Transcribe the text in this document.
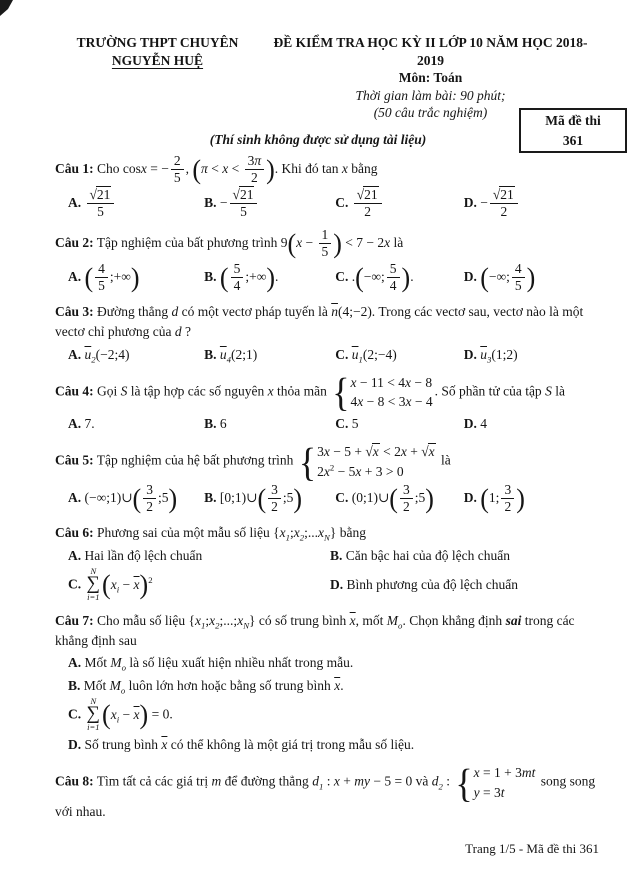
TRƯỜNG THPT CHUYÊN
NGUYỄN HUỆ
ĐỀ KIỂM TRA HỌC KỲ II LỚP 10 NĂM HỌC 2018-2019
Môn: Toán
Thời gian làm bài: 90 phút;
(50 câu trắc nghiệm)
Mã đề thi
361
(Thí sinh không được sử dụng tài liệu)
Câu 1: Cho cosx = − $\frac{2}{5}$ , ( $\pi < x < \frac{3\pi}{2}$ ) . Khi đó tan x bằng
A. $\frac{√21}{5}$	B. − $\frac{√21}{5}$	C. $\frac{√21}{2}$	D. − $\frac{√21}{2}$
Câu 2: Tập nghiệm của bất phương trình 9 ( $x - \frac{1}{5}$ ) < 7 − 2x là
A. ( $\frac{4}{5}$ ;+∞ )	B. ( $\frac{5}{4}$ ;+∞ ) .	C. . ( −∞; $\frac{5}{4}$ ) .	D. ( −∞; $\frac{4}{5}$ )
Câu 3: Đường thẳng d có một vectơ pháp tuyến là $\overline{n}(4;-2)$. Trong các vectơ sau, vectơ nào là một vectơ chỉ phương của d ?
A. $\overline{u}_2(-2;4)$	B. $\overline{u}_4(2;1)$	C. $\overline{u}_1(2;-4)$	D. $\overline{u}_3(1;2)$
Câu 4: Gọi S là tập hợp các số nguyên x thỏa mãn { x − 11 < 4x − 8
4x − 8 < 3x − 4
. Số phần tử của tập S là
A. 7.	B. 6	C. 5	D. 4
Câu 5: Tập nghiệm của hệ bất phương trình { 3x − 5 + √x < 2x + √x
$2x^2 - 5x + 3 > 0$
là
A. (−∞;1)∪ ( $\frac{3}{2}$ ;5 ) B. [0;1)∪ ( $\frac{3}{2}$ ;5 ) C. (0;1)∪ ( $\frac{3}{2}$ ;5 ) D. ( 1; $\frac{3}{2}$ )
Câu 6: Phương sai của một mẫu số liệu $\{x_1;x_2;...x_N\}$ bằng
A. Hai lần độ lệch chuẩn	B. Căn bậc hai của độ lệch chuẩn
C.
N
∑
i=1 ( $x_i - \overline{x}$ ) $^2$	D. Bình phương của độ lệch chuẩn
Câu 7: Cho mẫu số liệu $\{x_1;x_2;...;x_N\}$ có số trung bình $\overline{x}$, mốt $M_o$. Chọn khẳng định sai trong các khẳng định sau
A. Mốt $M_o$ là số liệu xuất hiện nhiều nhất trong mẫu.
B. Mốt $M_o$ luôn lớn hơn hoặc bằng số trung bình $\overline{x}$.
C.
N
∑
i=1 ( $x_i - \overline{x}$ ) = 0.
D. Số trung bình $\overline{x}$ có thể không là một giá trị trong mẫu số liệu.
Câu 8: Tìm tất cả các giá trị m để đường thẳng $d_1$ : x + my − 5 = 0 và $d_2$ : { x = 1 + 3mt
y = 3t
song song với nhau.
Trang 1/5 - Mã đề thi 361
